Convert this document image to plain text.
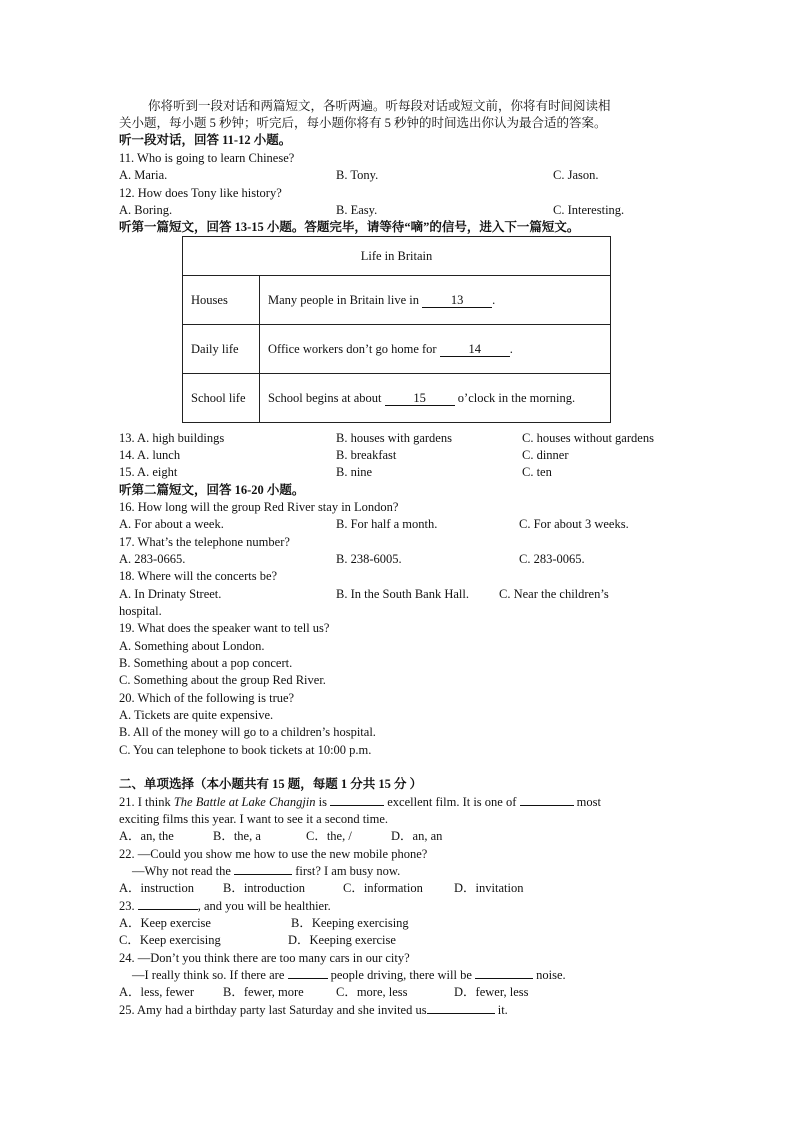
你将听到一段对话和两篇短文，各听两遍。听每段对话或短文前，你将有时间阅读相
关小题，每小题 5 秒钟；听完后，每小题你将有 5 秒钟的时间选出你认为最合适的答案。
听一段对话，回答 11-12 小题。
11. Who is going to learn Chinese?
A. Maria.	B. Tony.	C. Jason.
12. How does Tony like history?
A. Boring.	B. Easy.	C. Interesting.
听第一篇短文，回答 13-15 小题。答题完毕，请等待“嘀”的信号，进入下一篇短文。
Life in Britain	
Houses	Many people in Britain live in 13 .
Daily life	Office workers don’t go home for 14 .
School life	School begins at about 15 o’clock in the morning.
13. A. high buildings	B. houses with gardens	C. houses without gardens
14. A. lunch	B. breakfast	C. dinner
15. A. eight	B. nine	C. ten
听第二篇短文，回答 16-20 小题。
16. How long will the group Red River stay in London?
A. For about a week.	B. For half a month.	C. For about 3 weeks.
17. What’s the telephone number?
A. 283-0665.	B. 238-6005.	C. 283-0065.
18. Where will the concerts be?
A. In Drinaty Street.	B. In the South Bank Hall. C. Near the children’s
hospital.
19. What does the speaker want to tell us?
A. Something about London.
B. Something about a pop concert.
C. Something about the group Red River.
20. Which of the following is true?
A. Tickets are quite expensive.
B. All of the money will go to a children’s hospital.
C. You can telephone to book tickets at 10:00 p.m.
二、单项选择（本小题共有 15 题，每题 1 分共 15 分 ）
21. I think The Battle at Lake Changjin is	excellent film. It is one of	most
exciting films this year. I want to see it a second time.
A．an, the	B．the, a	C．the, /	D．an, an
22. —Could you show me how to use the new mobile phone?
—Why not read the	first? I am busy now.
A．instruction B．introduction	C．information D．invitation
23.	, and you will be healthier.
A．Keep exercise	B．Keeping exercising
C．Keep exercising	D．Keeping exercise
24. —Don’t you think there are too many cars in our city?
—I really think so. If there are	people driving, there will be	noise.
A．less, fewer B．fewer, more	C．more, less	D．fewer, less
25. Amy had a birthday party last Saturday and she invited us	it.
